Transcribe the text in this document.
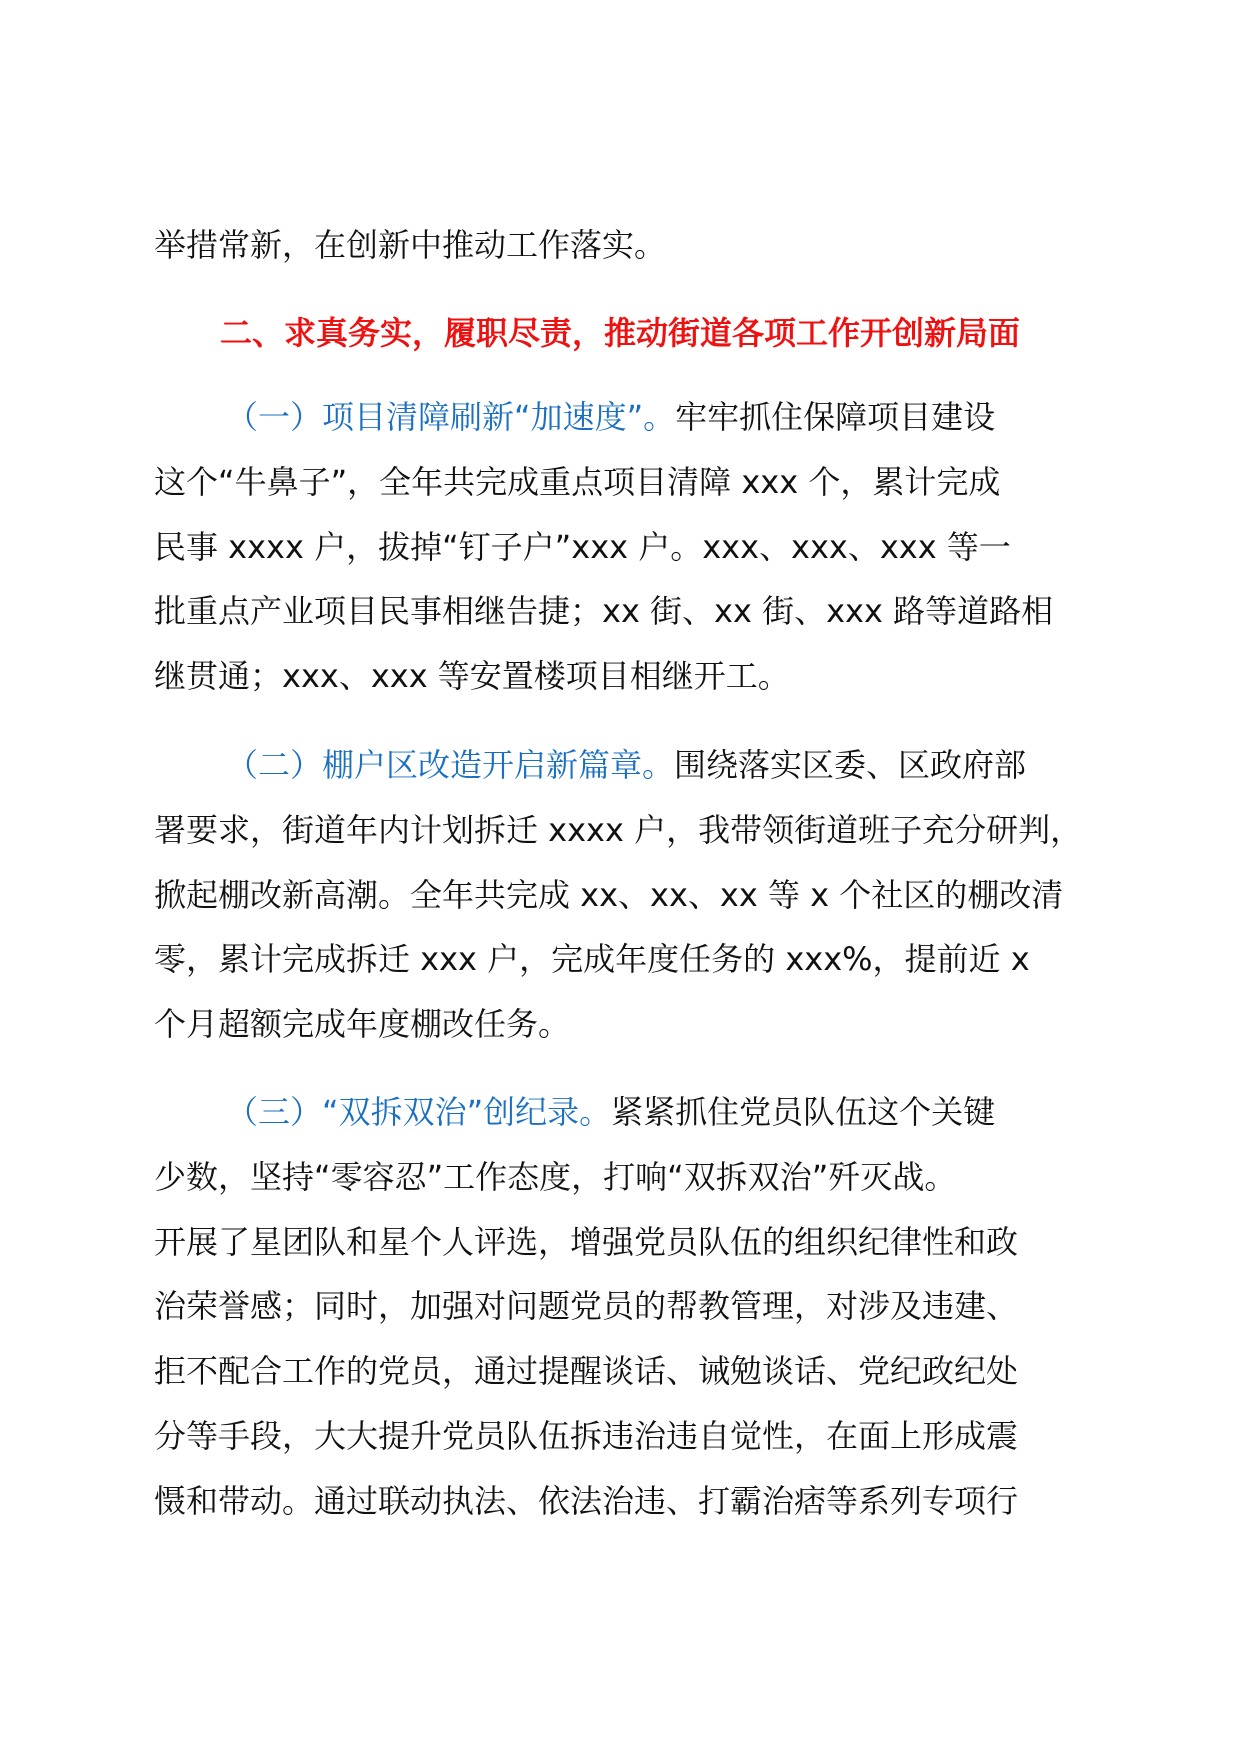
举措常新，在创新中推动工作落实。
二、求真务实，履职尽责，推动街道各项工作开创新局面
（一）项目清障刷新“加速度”。牢牢抓住保障项目建设
这个“牛鼻子”，全年共完成重点项目清障 xxx 个，累计完成
民事 xxxx 户，拔掉“钉子户”xxx 户。xxx、xxx、xxx 等一
批重点产业项目民事相继告捷；xx 街、xx 街、xxx 路等道路相
继贯通；xxx、xxx 等安置楼项目相继开工。
（二）棚户区改造开启新篇章。围绕落实区委、区政府部
署要求，街道年内计划拆迁 xxxx 户，我带领街道班子充分研判，
掀起棚改新高潮。全年共完成 xx、xx、xx 等 x 个社区的棚改清
零，累计完成拆迁 xxx 户，完成年度任务的 xxx%，提前近 x
个月超额完成年度棚改任务。
（三）“双拆双治”创纪录。紧紧抓住党员队伍这个关键
少数，坚持“零容忍”工作态度，打响“双拆双治”歼灭战。
开展了星团队和星个人评选，增强党员队伍的组织纪律性和政
治荣誉感；同时，加强对问题党员的帮教管理，对涉及违建、
拒不配合工作的党员，通过提醒谈话、诫勉谈话、党纪政纪处
分等手段，大大提升党员队伍拆违治违自觉性，在面上形成震
慑和带动。通过联动执法、依法治违、打霸治痞等系列专项行
